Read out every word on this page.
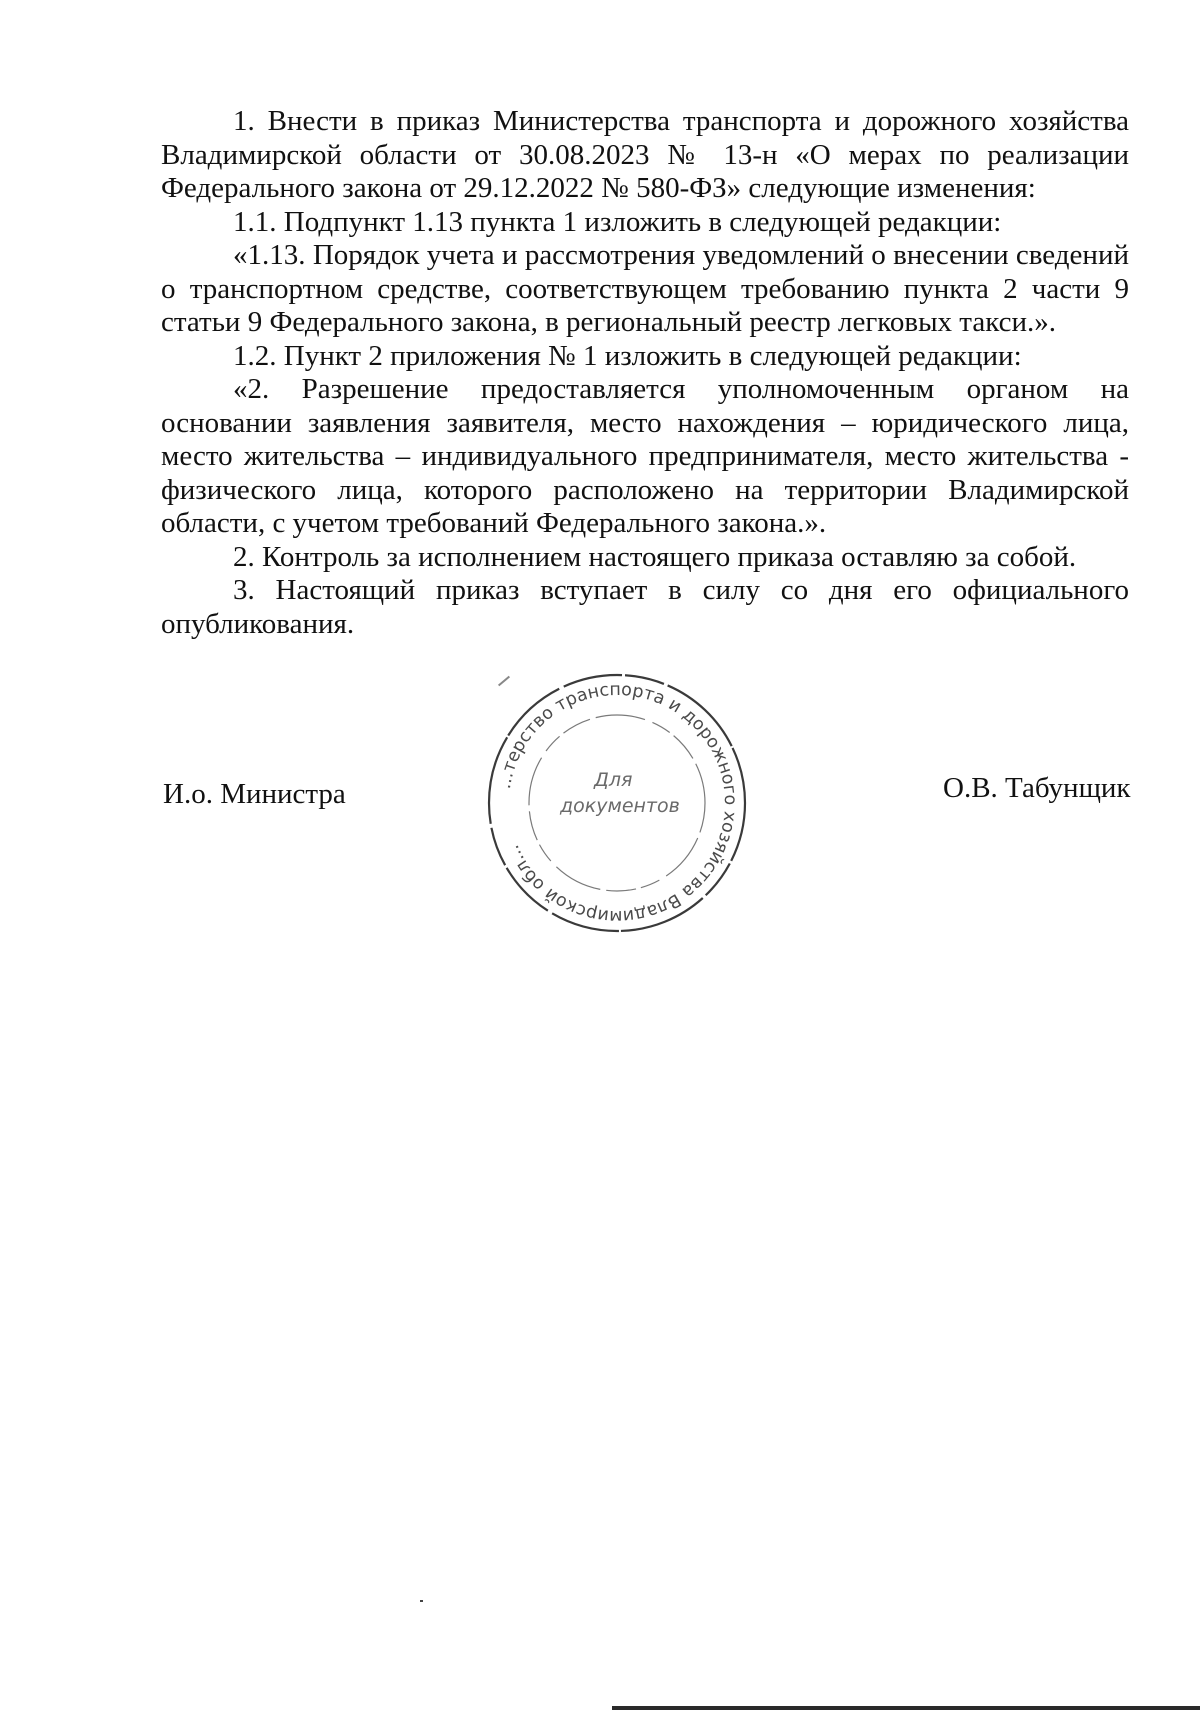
1. Внести в приказ Министерства транспорта и дорожного хозяйства Владимирской области от 30.08.2023 № 13-н «О мерах по реализации Федерального закона от 29.12.2022 № 580-ФЗ» следующие изменения:

1.1. Подпункт 1.13 пункта 1 изложить в следующей редакции:

«1.13. Порядок учета и рассмотрения уведомлений о внесении сведений о транспортном средстве, соответствующем требованию пункта 2 части 9 статьи 9 Федерального закона, в региональный реестр легковых такси.».

1.2. Пункт 2 приложения № 1 изложить в следующей редакции:

«2. Разрешение предоставляется уполномоченным органом на основании заявления заявителя, место нахождения – юридического лица, место жительства – индивидуального предпринимателя, место жительства - физического лица, которого расположено на территории Владимирской области, с учетом требований Федерального закона.».

2. Контроль за исполнением настоящего приказа оставляю за собой.

3. Настоящий приказ вступает в силу со дня его официального опубликования.

И.о. Министра	...терство транспорта и дорожного хозяйства Владимирской обл...
Для
документов
О.В. Табунщик
